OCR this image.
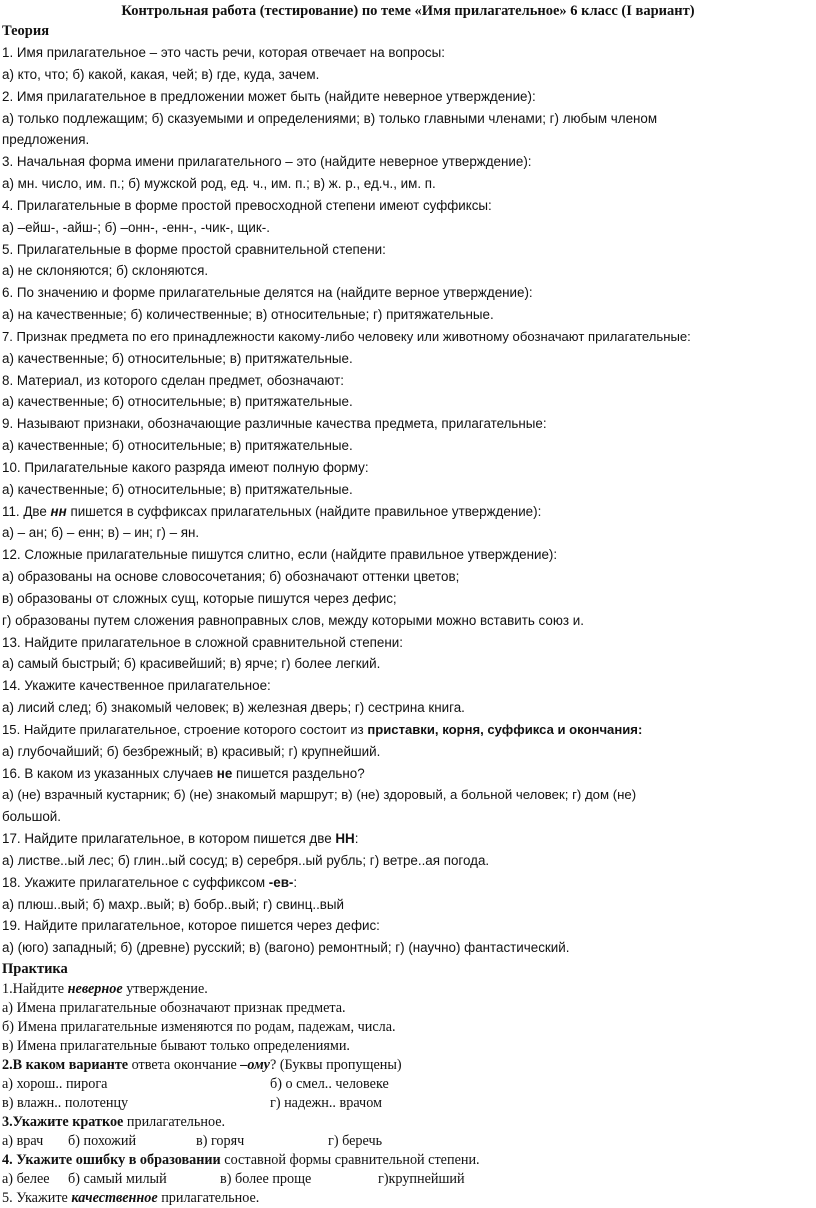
Контрольная работа (тестирование) по теме «Имя прилагательное» 6 класс (I вариант)
Теория
1. Имя прилагательное – это часть речи, которая отвечает на вопросы:
а) кто, что; б) какой, какая, чей; в) где, куда, зачем.
2. Имя прилагательное в предложении может быть (найдите неверное утверждение):
а) только подлежащим; б) сказуемыми и определениями; в) только главными членами; г) любым членом
предложения.
3. Начальная форма имени прилагательного – это (найдите неверное утверждение):
а) мн. число, им. п.; б) мужской род, ед. ч., им. п.; в) ж. р., ед.ч., им. п.
4. Прилагательные в форме простой превосходной степени имеют суффиксы:
а) –ейш-, -айш-; б) –онн-, -енн-, -чик-, щик-.
5. Прилагательные в форме простой сравнительной степени:
а) не склоняются; б) склоняются.
6. По значению и форме прилагательные делятся на (найдите верное утверждение):
а) на качественные; б) количественные; в) относительные; г) притяжательные.
7. Признак предмета по его принадлежности какому-либо человеку или животному обозначают прилагательные:
а) качественные; б) относительные; в) притяжательные.
8. Материал, из которого сделан предмет, обозначают:
а) качественные; б) относительные; в) притяжательные.
9. Называют признаки, обозначающие различные качества предмета, прилагательные:
а) качественные; б) относительные; в) притяжательные.
10. Прилагательные какого разряда имеют полную форму:
а) качественные; б) относительные; в) притяжательные.
11. Две нн пишется в суффиксах прилагательных (найдите правильное утверждение):
а) – ан; б) – енн; в) – ин; г) – ян.
12. Сложные прилагательные пишутся слитно, если (найдите правильное утверждение):
а) образованы на основе словосочетания; б) обозначают оттенки цветов;
в) образованы от сложных сущ, которые пишутся через дефис;
г) образованы путем сложения равноправных слов, между которыми можно вставить союз и.
13. Найдите прилагательное в сложной сравнительной степени:
а) самый быстрый; б) красивейший; в) ярче; г) более легкий.
14. Укажите качественное прилагательное:
а) лисий след; б) знакомый человек; в) железная дверь; г) сестрина книга.
15. Найдите прилагательное, строение которого состоит из приставки, корня, суффикса и окончания:
а) глубочайший; б) безбрежный; в) красивый; г) крупнейший.
16. В каком из указанных случаев не пишется раздельно?
а) (не) взрачный кустарник; б) (не) знакомый маршрут; в) (не) здоровый, а больной человек; г) дом (не)
большой.
17. Найдите прилагательное, в котором пишется две НН:
а) листве..ый лес; б) глин..ый сосуд; в) серебря..ый рубль; г) ветре..ая погода.
18. Укажите прилагательное с суффиксом -ев-:
а) плюш..вый; б) махр..вый; в) бобр..вый; г) свинц..вый
19. Найдите прилагательное, которое пишется через дефис:
а) (юго) западный; б) (древне) русский; в) (вагоно) ремонтный; г) (научно) фантастический.
Практика
1.Найдите неверное утверждение.
а) Имена прилагательные обозначают признак предмета.
б) Имена прилагательные изменяются по родам, падежам, числа.
в) Имена прилагательные бывают только определениями.
2.В каком варианте ответа окончание –ому? (Буквы пропущены)
а) хорош.. пирога	б) о смел.. человеке
в) влажн.. полотенцу	г) надежн.. врачом
3.Укажите краткое прилагательное.
а) врач б) похожий	в) горяч	г) беречь
4. Укажите ошибку в образовании составной формы сравнительной степени.
а) белее б) самый милый	в) более проще	г)крупнейший
5. Укажите качественное прилагательное.
